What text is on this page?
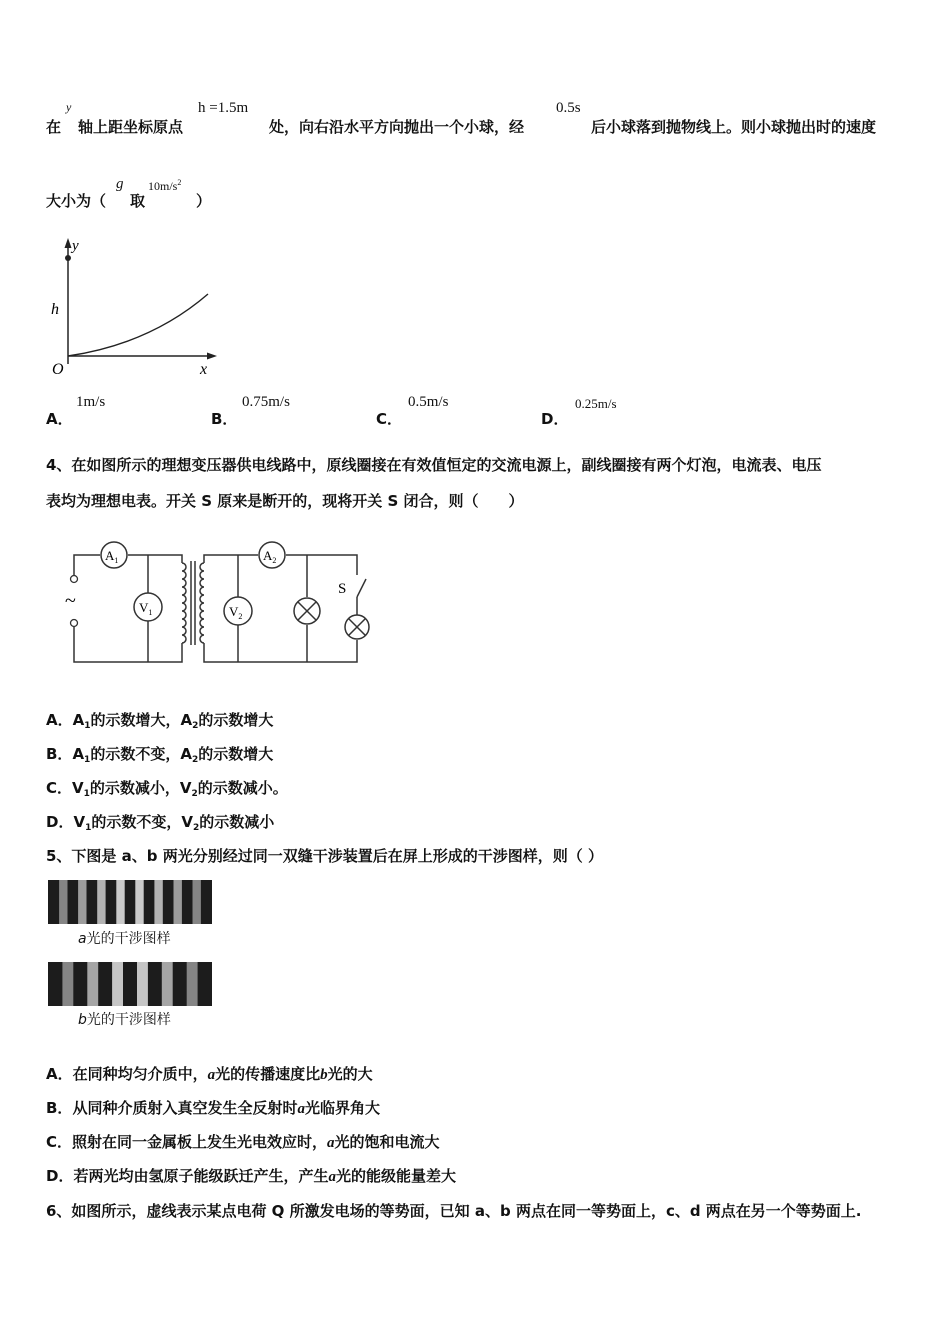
在
y
轴上距坐标原点
h =1.5m
处，向右沿水平方向抛出一个小球，经
0.5s
后小球落到抛物线上。则小球抛出时的速度
大小为（
g
取
$10m/s^2$
）
y
h
O	x
A．
1m/s
B．
0.75m/s
C．
0.5m/s
D．
0.25m/s
4、在如图所示的理想变压器供电线路中，原线圈接在有效值恒定的交流电源上，副线圈接有两个灯泡，电流表、电压
表均为理想电表。开关 S 原来是断开的，现将开关 S 闭合，则（　　）
~
$A_1$
$V_1$
$A_2$
$V_2$
S
A．$A_1$的示数增大，$A_2$的示数增大
B．$A_1$的示数不变，$A_2$的示数增大
C．$V_1$的示数减小，$V_2$的示数减小。
D．$V_1$的示数不变，$V_2$的示数减小
5、下图是 a、b 两光分别经过同一双缝干涉装置后在屏上形成的干涉图样，则（ ）
a光的干涉图样
b光的干涉图样
A．在同种均匀介质中，a光的传播速度比b光的大
B．从同种介质射入真空发生全反射时a光临界角大
C．照射在同一金属板上发生光电效应时，a光的饱和电流大
D．若两光均由氢原子能级跃迁产生，产生a光的能级能量差大
6、如图所示，虚线表示某点电荷 Q 所激发电场的等势面，已知 a、b 两点在同一等势面上，c、d 两点在另一个等势面上.
